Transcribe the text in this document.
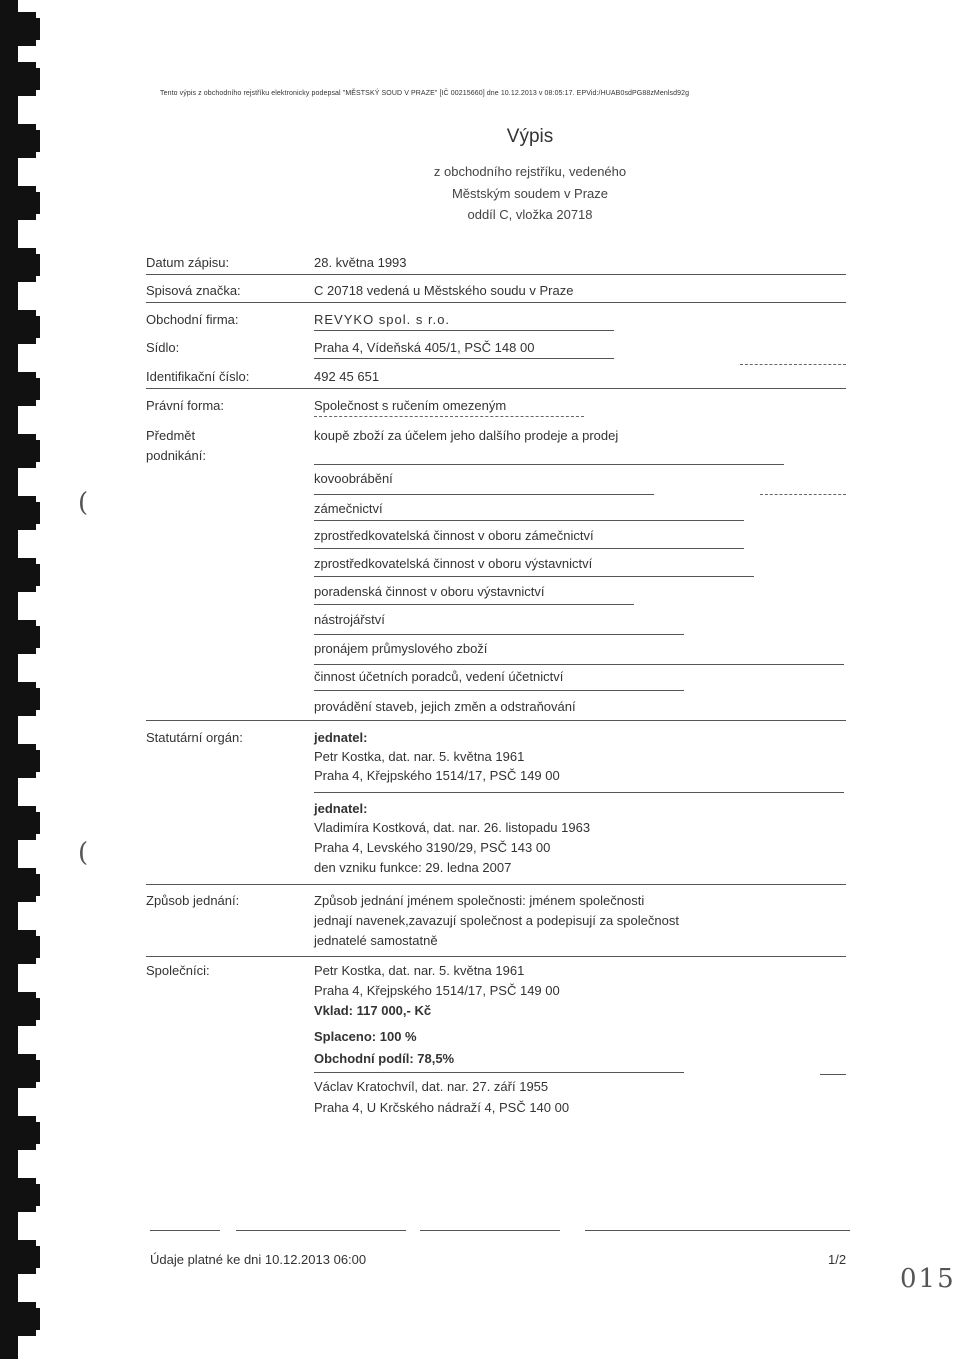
Tento výpis z obchodního rejstříku elektronicky podepsal "MĚSTSKÝ SOUD V PRAZE" [IČ 00215660] dne 10.12.2013 v 08:05:17. EPVid:/HUAB0sdPG88zMenlsd92g
Výpis
z obchodního rejstříku, vedeného
Městským soudem v Praze
oddíl C, vložka 20718
Datum zápisu:	28. května 1993
Spisová značka:	C 20718 vedená u Městského soudu v Praze
Obchodní firma:	REVYKO spol. s r.o.
Sídlo:	Praha 4, Vídeňská 405/1, PSČ 148 00
Identifikační číslo:	492 45 651
Právní forma:	Společnost s ručením omezeným
Předmět
podnikání:
koupě zboží za účelem jeho dalšího prodeje a prodej
kovoobrábění
zámečnictví
zprostředkovatelská činnost v oboru zámečnictví
zprostředkovatelská činnost v oboru výstavnictví
poradenská činnost v oboru výstavnictví
nástrojářství
pronájem průmyslového zboží
činnost účetních poradců, vedení účetnictví
provádění staveb, jejich změn a odstraňování
(
Statutární orgán:	jednatel:
Petr Kostka, dat. nar. 5. května 1961
Praha 4, Křejpského 1514/17, PSČ 149 00
jednatel:
Vladimíra Kostková, dat. nar. 26. listopadu 1963
Praha 4, Levského 3190/29, PSČ 143 00
den vzniku funkce: 29. ledna 2007
(
Způsob jednání:	Způsob jednání jménem společnosti: jménem společnosti
jednají navenek,zavazují společnost a podepisují za společnost
jednatelé samostatně
Společníci:	Petr Kostka, dat. nar. 5. května 1961
Praha 4, Křejpského 1514/17, PSČ 149 00
Vklad: 117 000,- Kč
Splaceno: 100 %
Obchodní podíl: 78,5%
Václav Kratochvíl, dat. nar. 27. září 1955
Praha 4, U Krčského nádraží 4, PSČ 140 00
Údaje platné ke dni 10.12.2013 06:00	1/2
015
